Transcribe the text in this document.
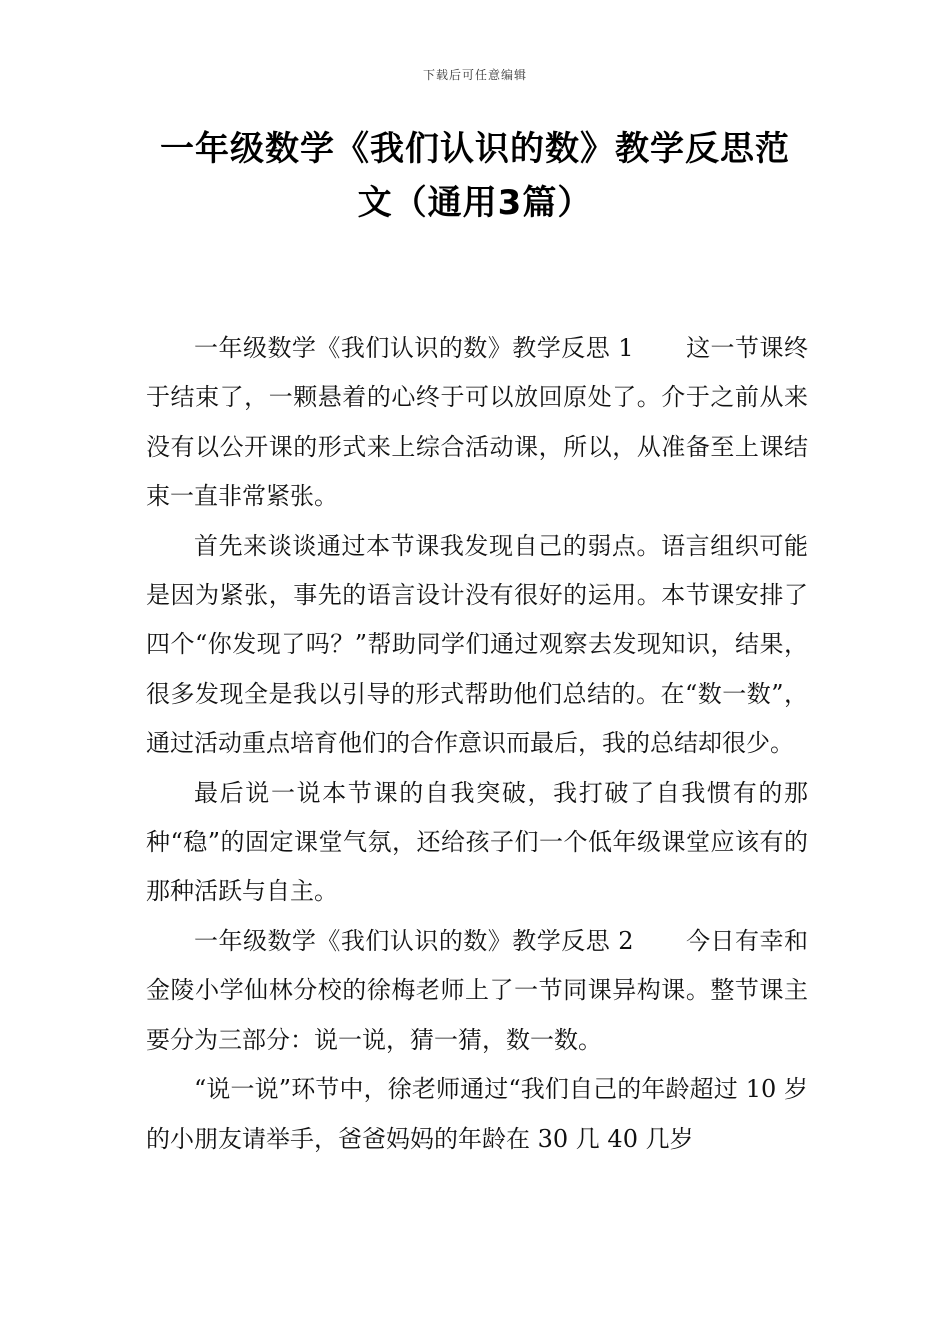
下载后可任意编辑
一年级数学《我们认识的数》教学反思范
文（通用3篇）

一年级数学《我们认识的数》教学反思 1 这一节课终于结束了，一颗悬着的心终于可以放回原处了。介于之前从来没有以公开课的形式来上综合活动课，所以，从准备至上课结束一直非常紧张。

首先来谈谈通过本节课我发现自己的弱点。语言组织可能是因为紧张，事先的语言设计没有很好的运用。本节课安排了四个“你发现了吗？”帮助同学们通过观察去发现知识，结果，很多发现全是我以引导的形式帮助他们总结的。在“数一数”，通过活动重点培育他们的合作意识而最后，我的总结却很少。

最后说一说本节课的自我突破，我打破了自我惯有的那种“稳”的固定课堂气氛，还给孩子们一个低年级课堂应该有的那种活跃与自主。

一年级数学《我们认识的数》教学反思 2 今日有幸和金陵小学仙林分校的徐梅老师上了一节同课异构课。整节课主要分为三部分：说一说，猜一猜，数一数。

“说一说”环节中，徐老师通过“我们自己的年龄超过 10 岁的小朋友请举手，爸爸妈妈的年龄在 30 几 40 几岁
